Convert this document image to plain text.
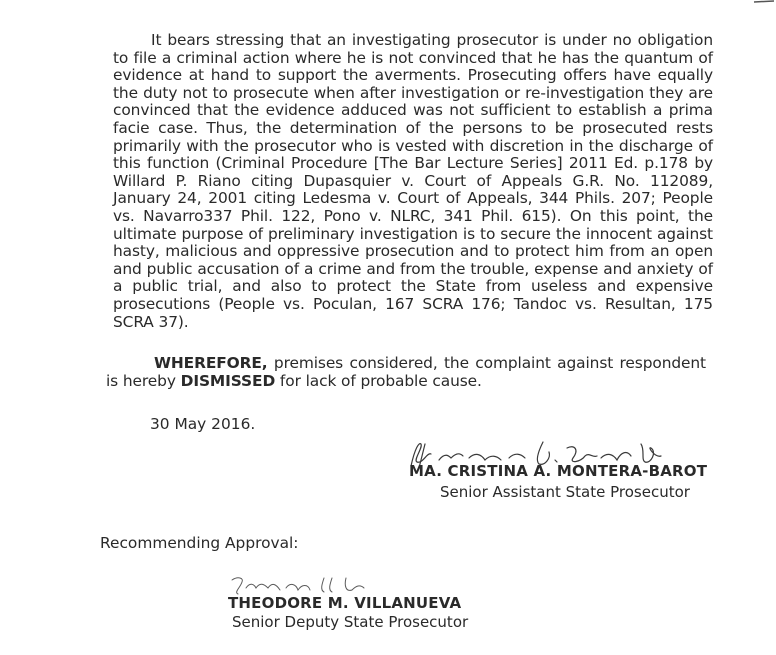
It bears stressing that an investigating prosecutor is under no obligation to file a criminal action where he is not convinced that he has the quantum of evidence at hand to support the averments. Prosecuting offers have equally the duty not to prosecute when after investigation or re-investigation they are convinced that the evidence adduced was not sufficient to establish a prima facie case. Thus, the determination of the persons to be prosecuted rests primarily with the prosecutor who is vested with discretion in the discharge of this function (Criminal Procedure [The Bar Lecture Series] 2011 Ed. p.178 by Willard P. Riano citing Dupasquier v. Court of Appeals G.R. No. 112089, January 24, 2001 citing Ledesma v. Court of Appeals, 344 Phils. 207; People vs. Navarro337 Phil. 122, Pono v. NLRC, 341 Phil. 615). On this point, the ultimate purpose of preliminary investigation is to secure the innocent against hasty, malicious and oppressive prosecution and to protect him from an open and public accusation of a crime and from the trouble, expense and anxiety of a public trial, and also to protect the State from useless and expensive prosecutions (People vs. Poculan, 167 SCRA 176; Tandoc vs. Resultan, 175 SCRA 37).

WHEREFORE, premises considered, the complaint against respondent is hereby DISMISSED for lack of probable cause.

30 May 2016.
MA. CRISTINA A. MONTERA-BAROT
Senior Assistant State Prosecutor
Recommending Approval:
THEODORE M. VILLANUEVA
Senior Deputy State Prosecutor
